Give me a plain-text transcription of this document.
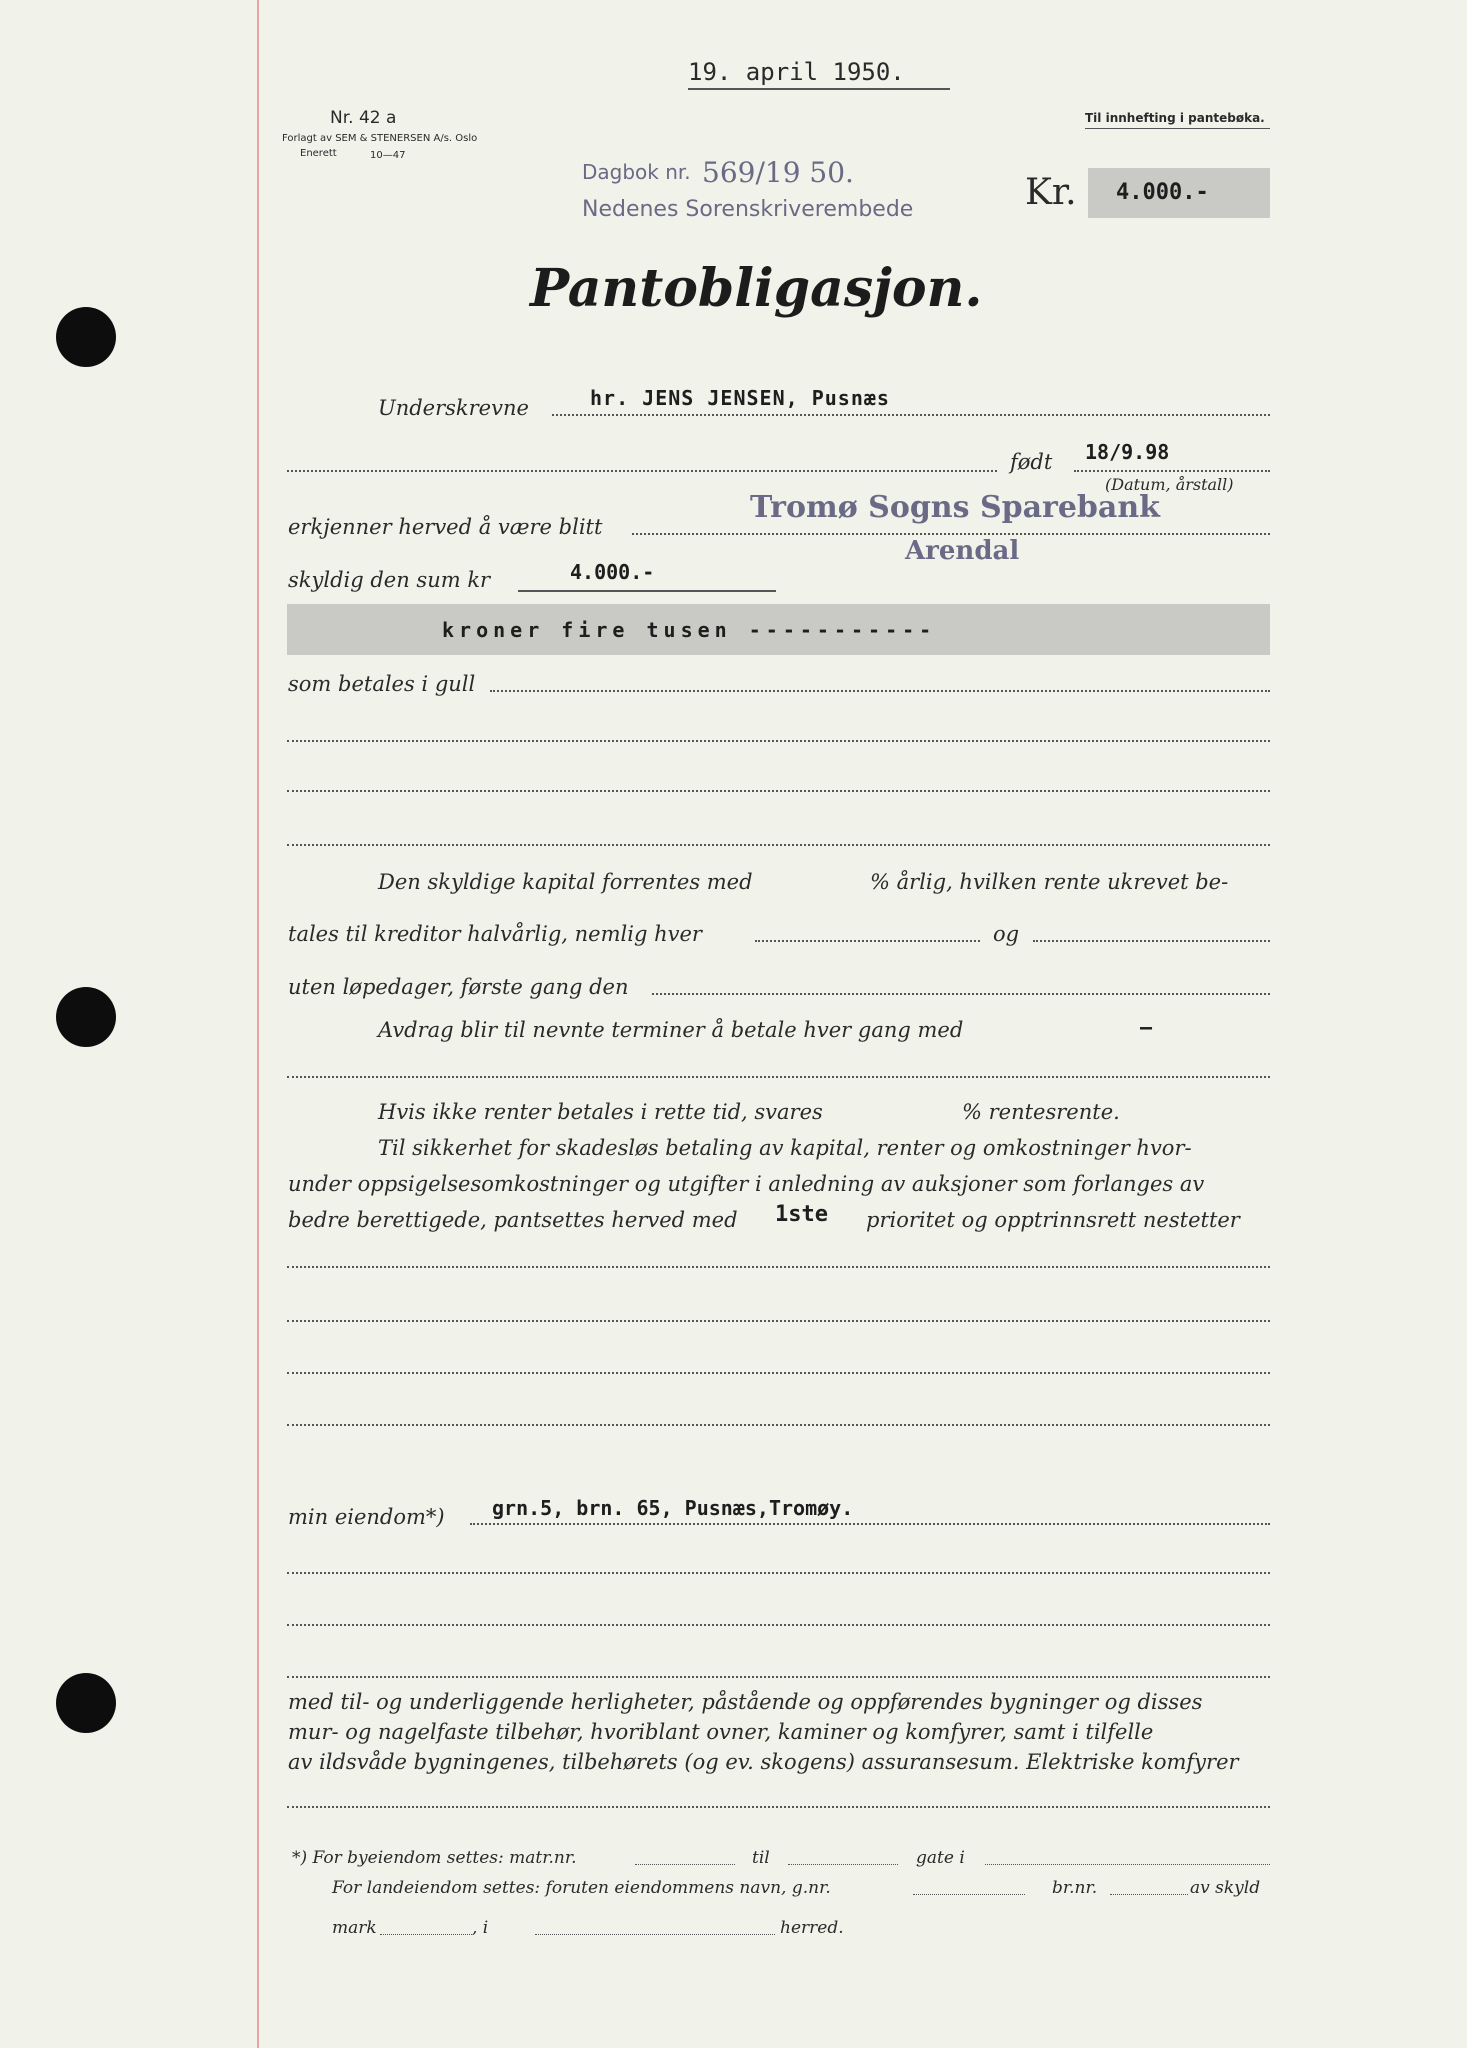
19. april 1950.
Nr. 42 a
Forlagt av SEM & STENERSEN A/s. Oslo
Enerett	10—47
Til innhefting i pantebøka.
Dagbok nr. 569/19 50.
Nedenes Sorenskriverembede	Kr. 4.000.-
Pantobligasjon.
Underskrevne	hr. JENS JENSEN, Pusnæs
født 18/9.98
(Datum, årstall)
erkjenner herved å være blitt
Tromø Sogns Sparebank
Arendal
skyldig den sum kr	4.000.-
kroner fire tusen -----------
som betales i gull
Den skyldige kapital forrentes med	% årlig, hvilken rente ukrevet be-
tales til kreditor halvårlig, nemlig hver	og
uten løpedager, første gang den
Avdrag blir til nevnte terminer å betale hver gang med	—
Hvis ikke renter betales i rette tid, svares	% rentesrente.
Til sikkerhet for skadesløs betaling av kapital, renter og omkostninger hvor-
under oppsigelsesomkostninger og utgifter i anledning av auksjoner som forlanges av
bedre berettigede, pantsettes herved med 1ste prioritet og opptrinnsrett nestetter
min eiendom*) grn.5, brn. 65, Pusnæs,Tromøy.
med til- og underliggende herligheter, påstående og oppførendes bygninger og disses
mur- og nagelfaste tilbehør, hvoriblant ovner, kaminer og komfyrer, samt i tilfelle
av ildsvåde bygningenes, tilbehørets (og ev. skogens) assuransesum. Elektriske komfyrer
*) For byeiendom settes: matr.nr.	til	gate i
For landeiendom settes: foruten eiendommens navn, g.nr.	br.nr.	av skyld
mark	, i	herred.
